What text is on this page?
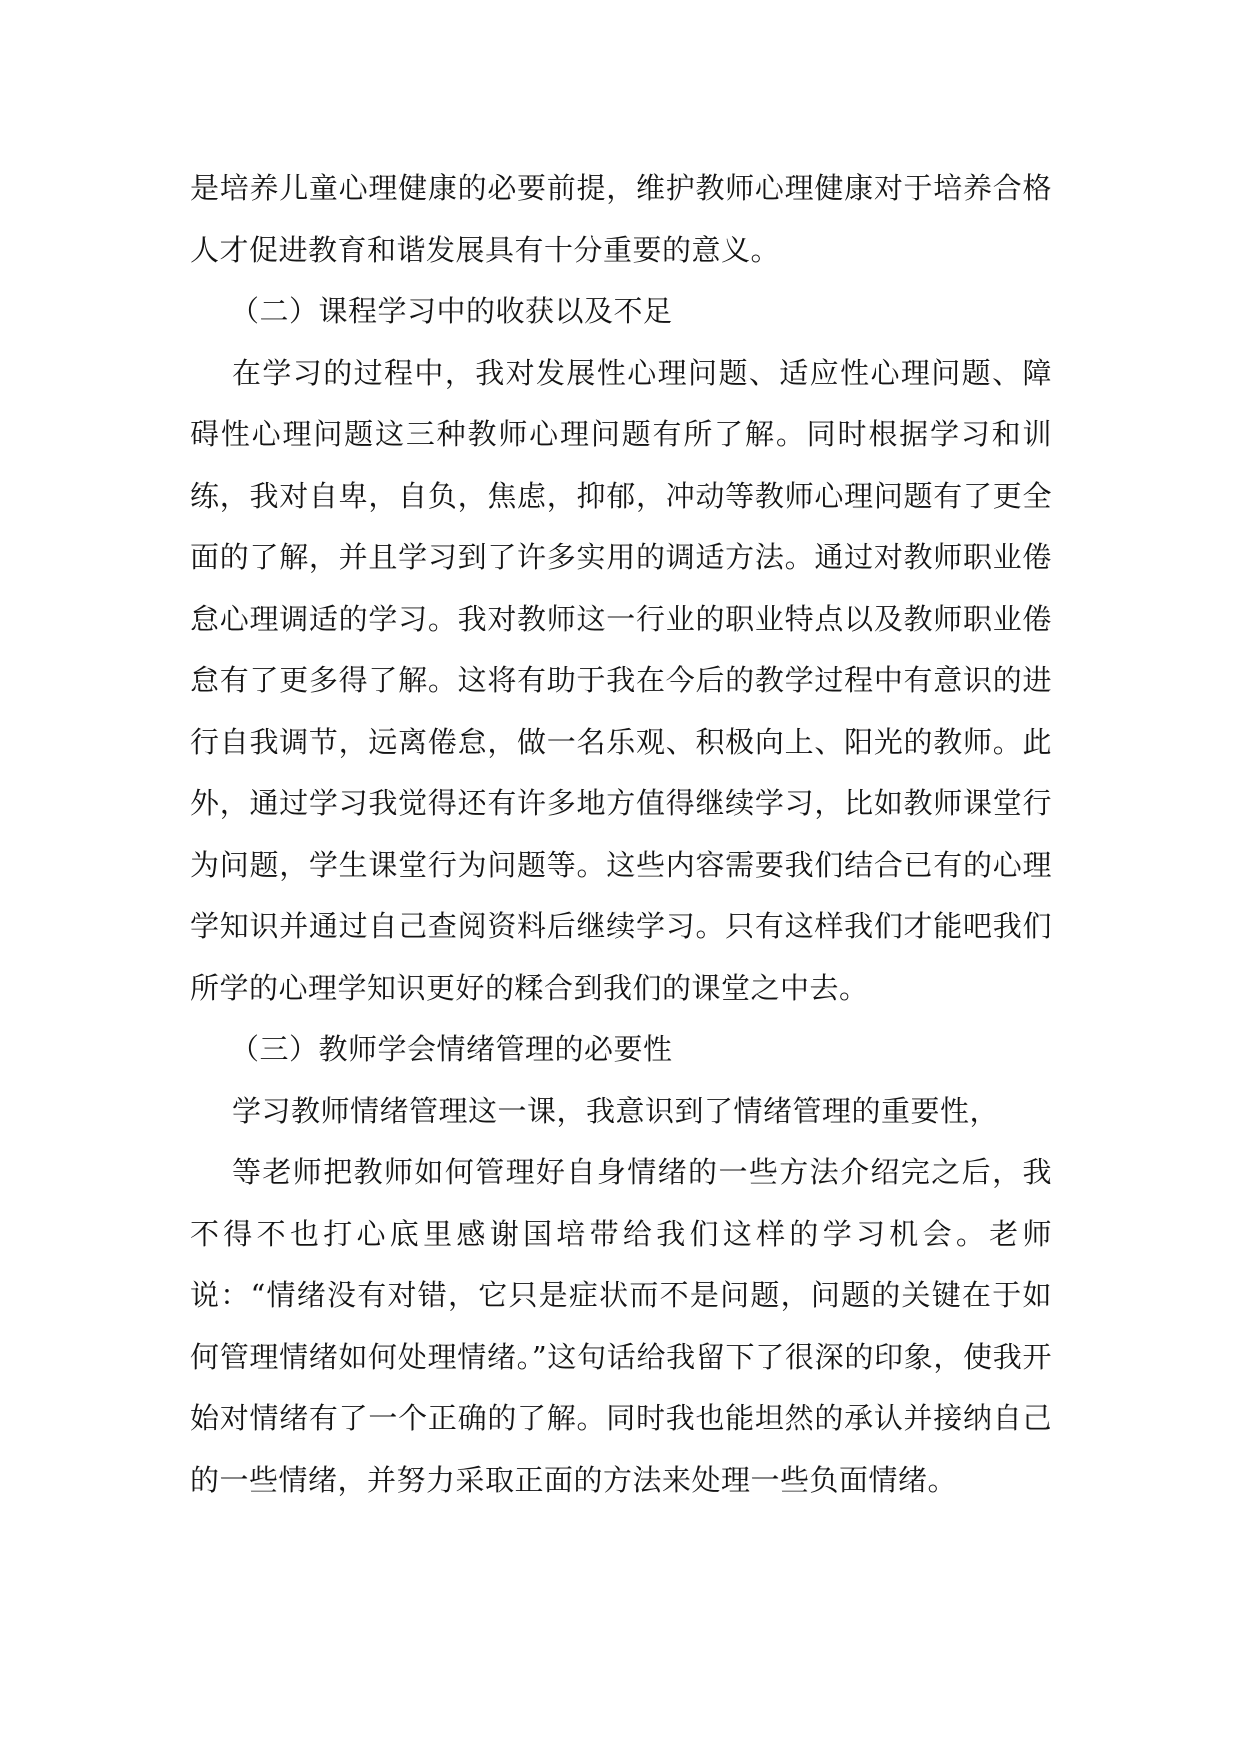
是培养儿童心理健康的必要前提，维护教师心理健康对于培养合格人才促进教育和谐发展具有十分重要的意义。

（二）课程学习中的收获以及不足

在学习的过程中，我对发展性心理问题、适应性心理问题、障碍性心理问题这三种教师心理问题有所了解。同时根据学习和训练，我对自卑，自负，焦虑，抑郁，冲动等教师心理问题有了更全面的了解，并且学习到了许多实用的调适方法。通过对教师职业倦怠心理调适的学习。我对教师这一行业的职业特点以及教师职业倦怠有了更多得了解。这将有助于我在今后的教学过程中有意识的进行自我调节，远离倦怠，做一名乐观、积极向上、阳光的教师。此外，通过学习我觉得还有许多地方值得继续学习，比如教师课堂行为问题，学生课堂行为问题等。这些内容需要我们结合已有的心理学知识并通过自己查阅资料后继续学习。只有这样我们才能吧我们所学的心理学知识更好的糅合到我们的课堂之中去。

（三）教师学会情绪管理的必要性

学习教师情绪管理这一课，我意识到了情绪管理的重要性，

等老师把教师如何管理好自身情绪的一些方法介绍完之后，我不得不也打心底里感谢国培带给我们这样的学习机会。老师说：“情绪没有对错，它只是症状而不是问题，问题的关键在于如何管理情绪如何处理情绪。”这句话给我留下了很深的印象，使我开始对情绪有了一个正确的了解。同时我也能坦然的承认并接纳自己的一些情绪，并努力采取正面的方法来处理一些负面情绪。
